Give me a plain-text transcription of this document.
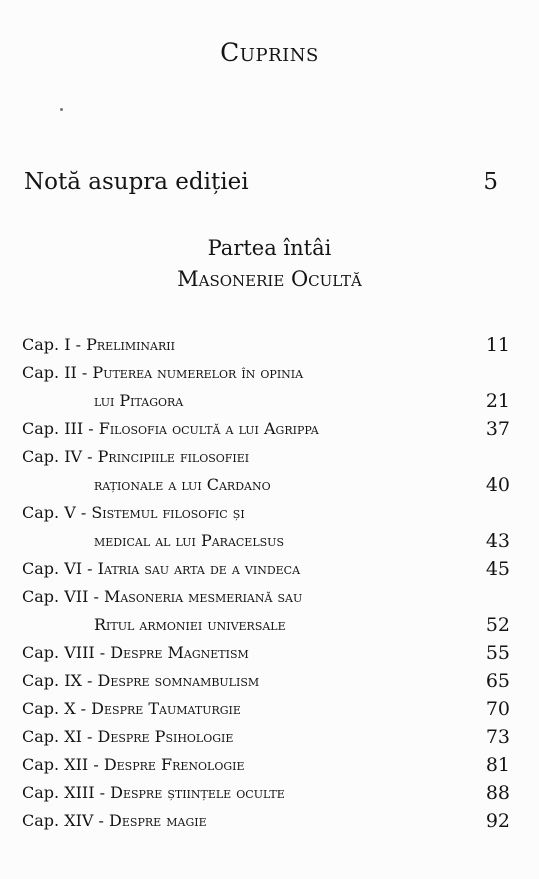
Cuprins
Notă asupra ediției	5
Partea întâi
Masonerie Ocultă
Cap. I - Preliminarii	11
Cap. II - Puterea numerelor în opinia
lui Pitagora	21
Cap. III - Filosofia ocultă a lui Agrippa	37
Cap. IV - Principiile filosofiei
raționale a lui Cardano	40
Cap. V - Sistemul filosofic și
medical al lui Paracelsus	43
Cap. VI - Iatria sau arta de a vindeca	45
Cap. VII - Masoneria mesmeriană sau
Ritul armoniei universale	52
Cap. VIII - Despre Magnetism	55
Cap. IX - Despre somnambulism	65
Cap. X - Despre Taumaturgie	70
Cap. XI - Despre Psihologie	73
Cap. XII - Despre Frenologie	81
Cap. XIII - Despre științele oculte	88
Cap. XIV - Despre magie	92
